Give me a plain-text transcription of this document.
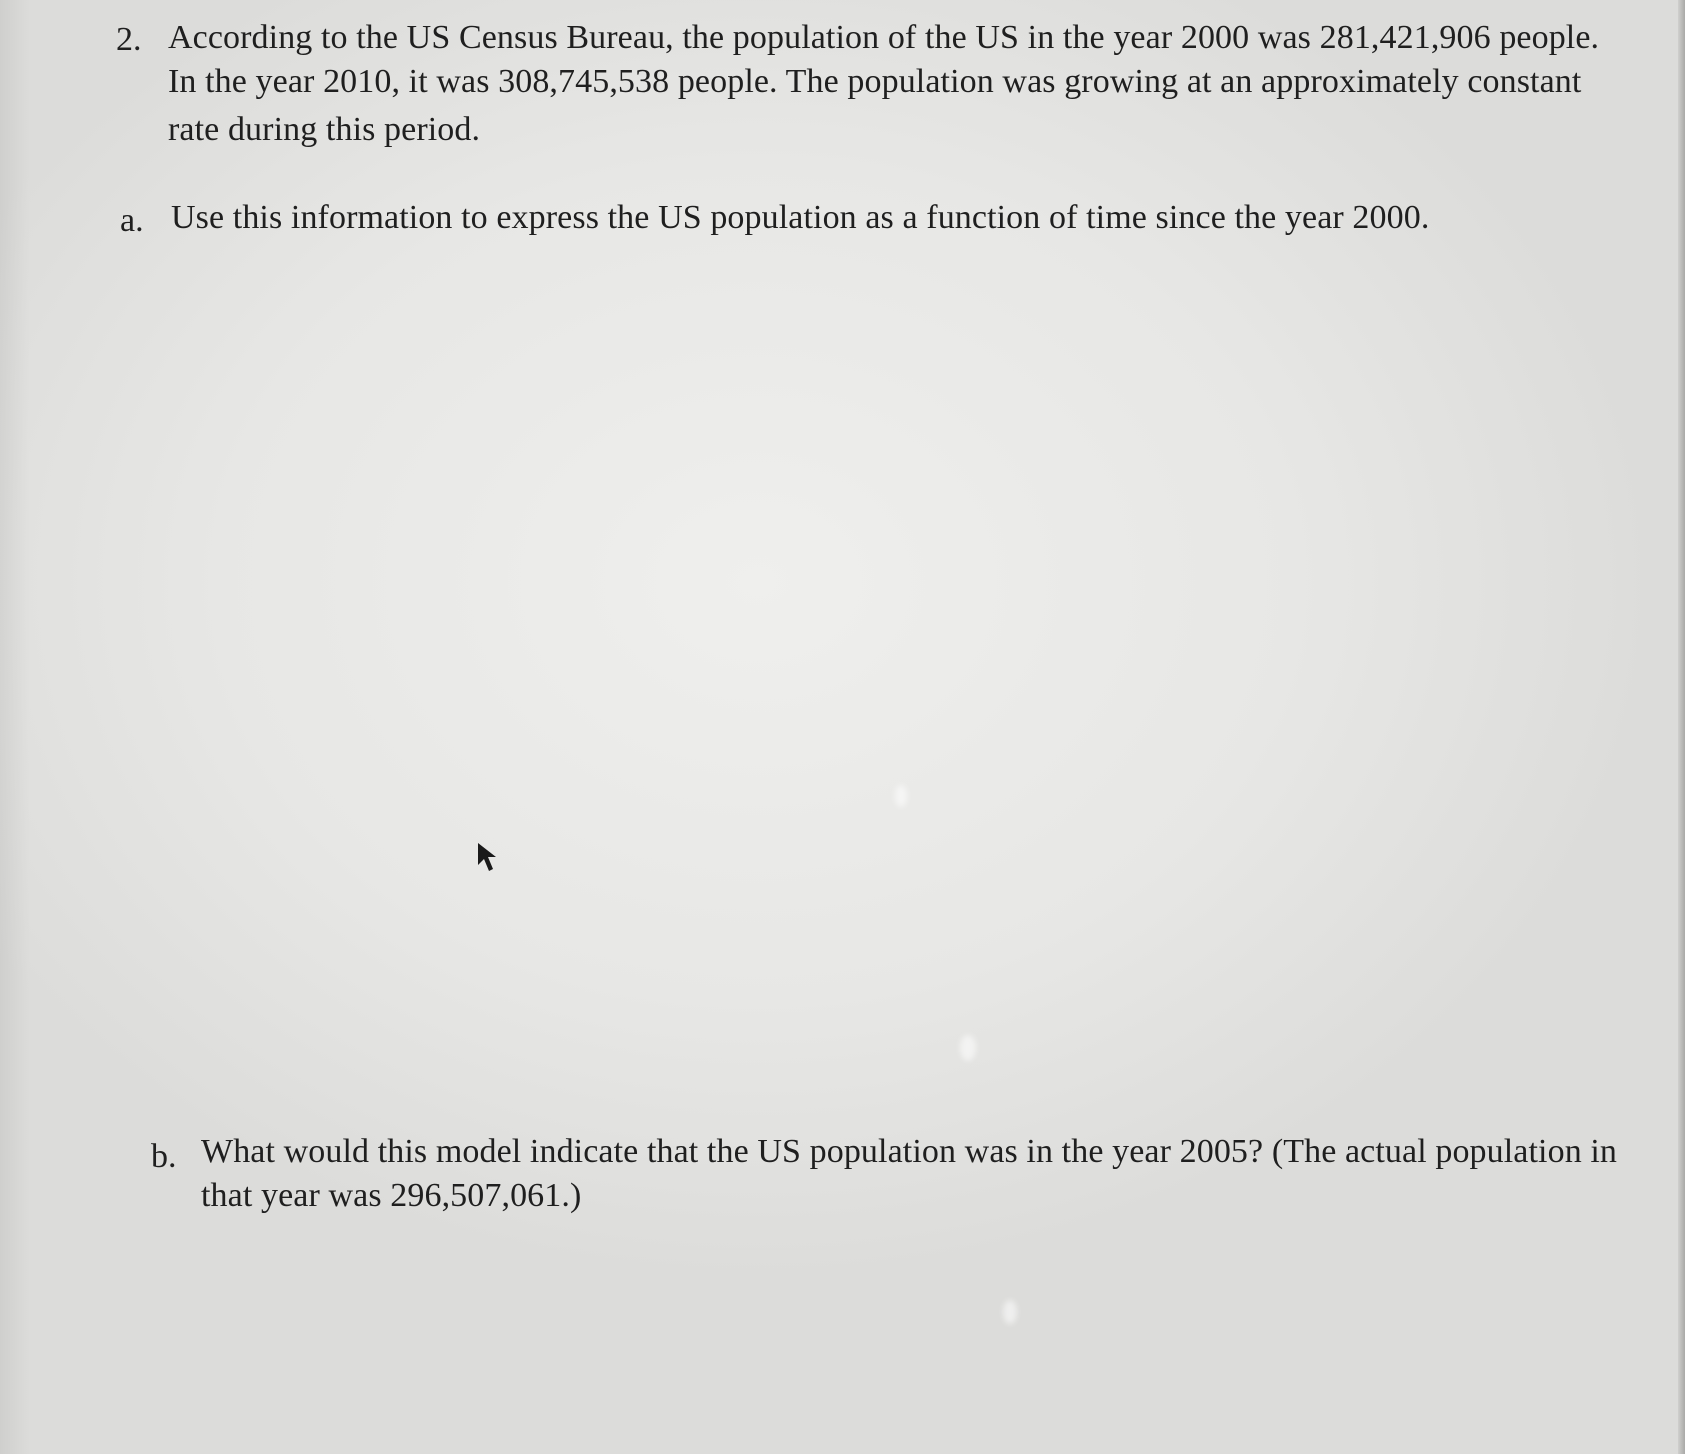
2. According to the US Census Bureau, the population of the US in the year 2000 was 281,421,906 people.
In the year 2010, it was 308,745,538 people. The population was growing at an approximately constant
rate during this period.
a. Use this information to express the US population as a function of time since the year 2000.
b. What would this model indicate that the US population was in the year 2005? (The actual population in
that year was 296,507,061.)
